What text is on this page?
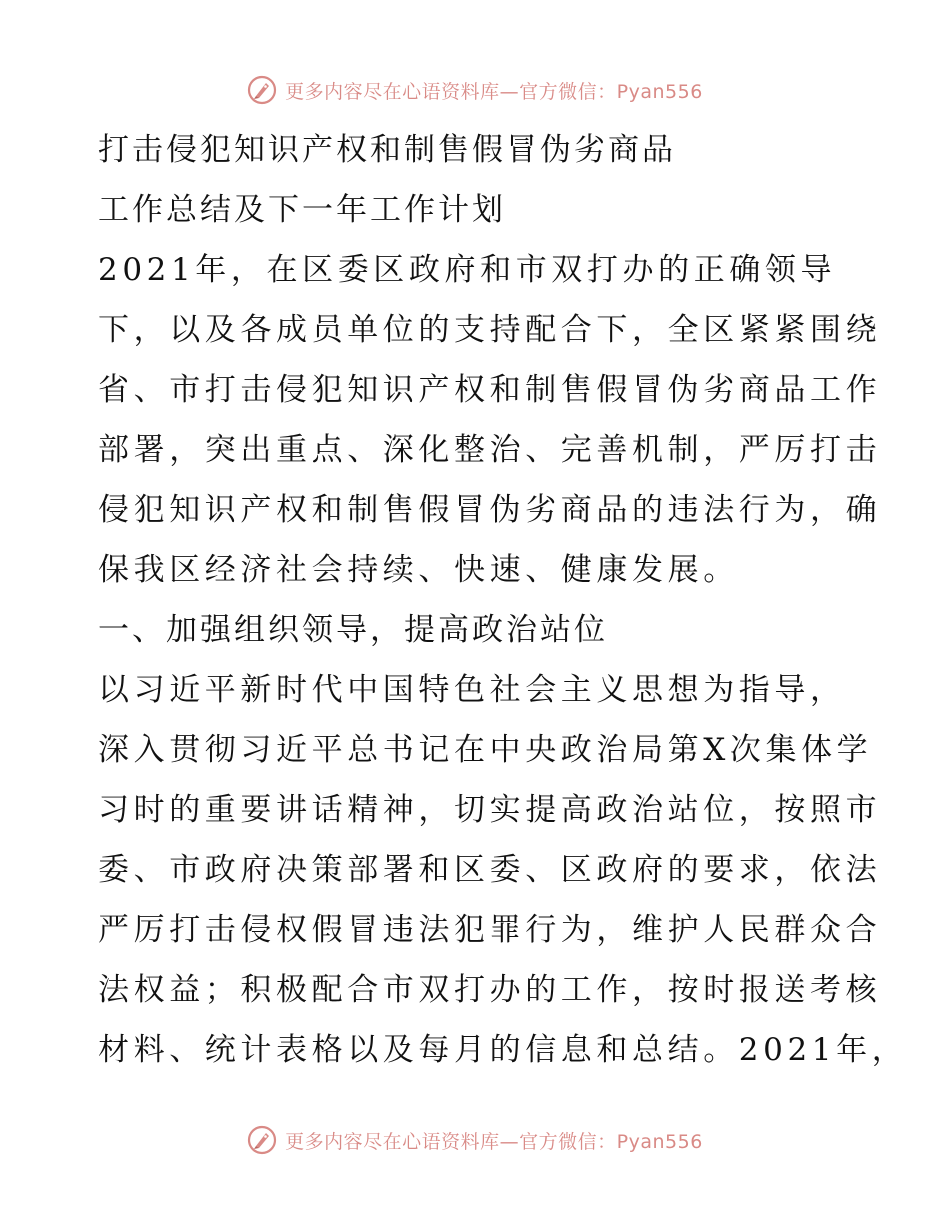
更多内容尽在心语资料库—官方微信：Pyan556
打击侵犯知识产权和制售假冒伪劣商品
工作总结及下一年工作计划
2021年，在区委区政府和市双打办的正确领导
下，以及各成员单位的支持配合下，全区紧紧围绕
省、市打击侵犯知识产权和制售假冒伪劣商品工作
部署，突出重点、深化整治、完善机制，严厉打击
侵犯知识产权和制售假冒伪劣商品的违法行为，确
保我区经济社会持续、快速、健康发展。
一、加强组织领导，提高政治站位
以习近平新时代中国特色社会主义思想为指导，
深入贯彻习近平总书记在中央政治局第X次集体学
习时的重要讲话精神，切实提高政治站位，按照市
委、市政府决策部署和区委、区政府的要求，依法
严厉打击侵权假冒违法犯罪行为，维护人民群众合
法权益；积极配合市双打办的工作，按时报送考核
材料、统计表格以及每月的信息和总结。2021年，
更多内容尽在心语资料库—官方微信：Pyan556
